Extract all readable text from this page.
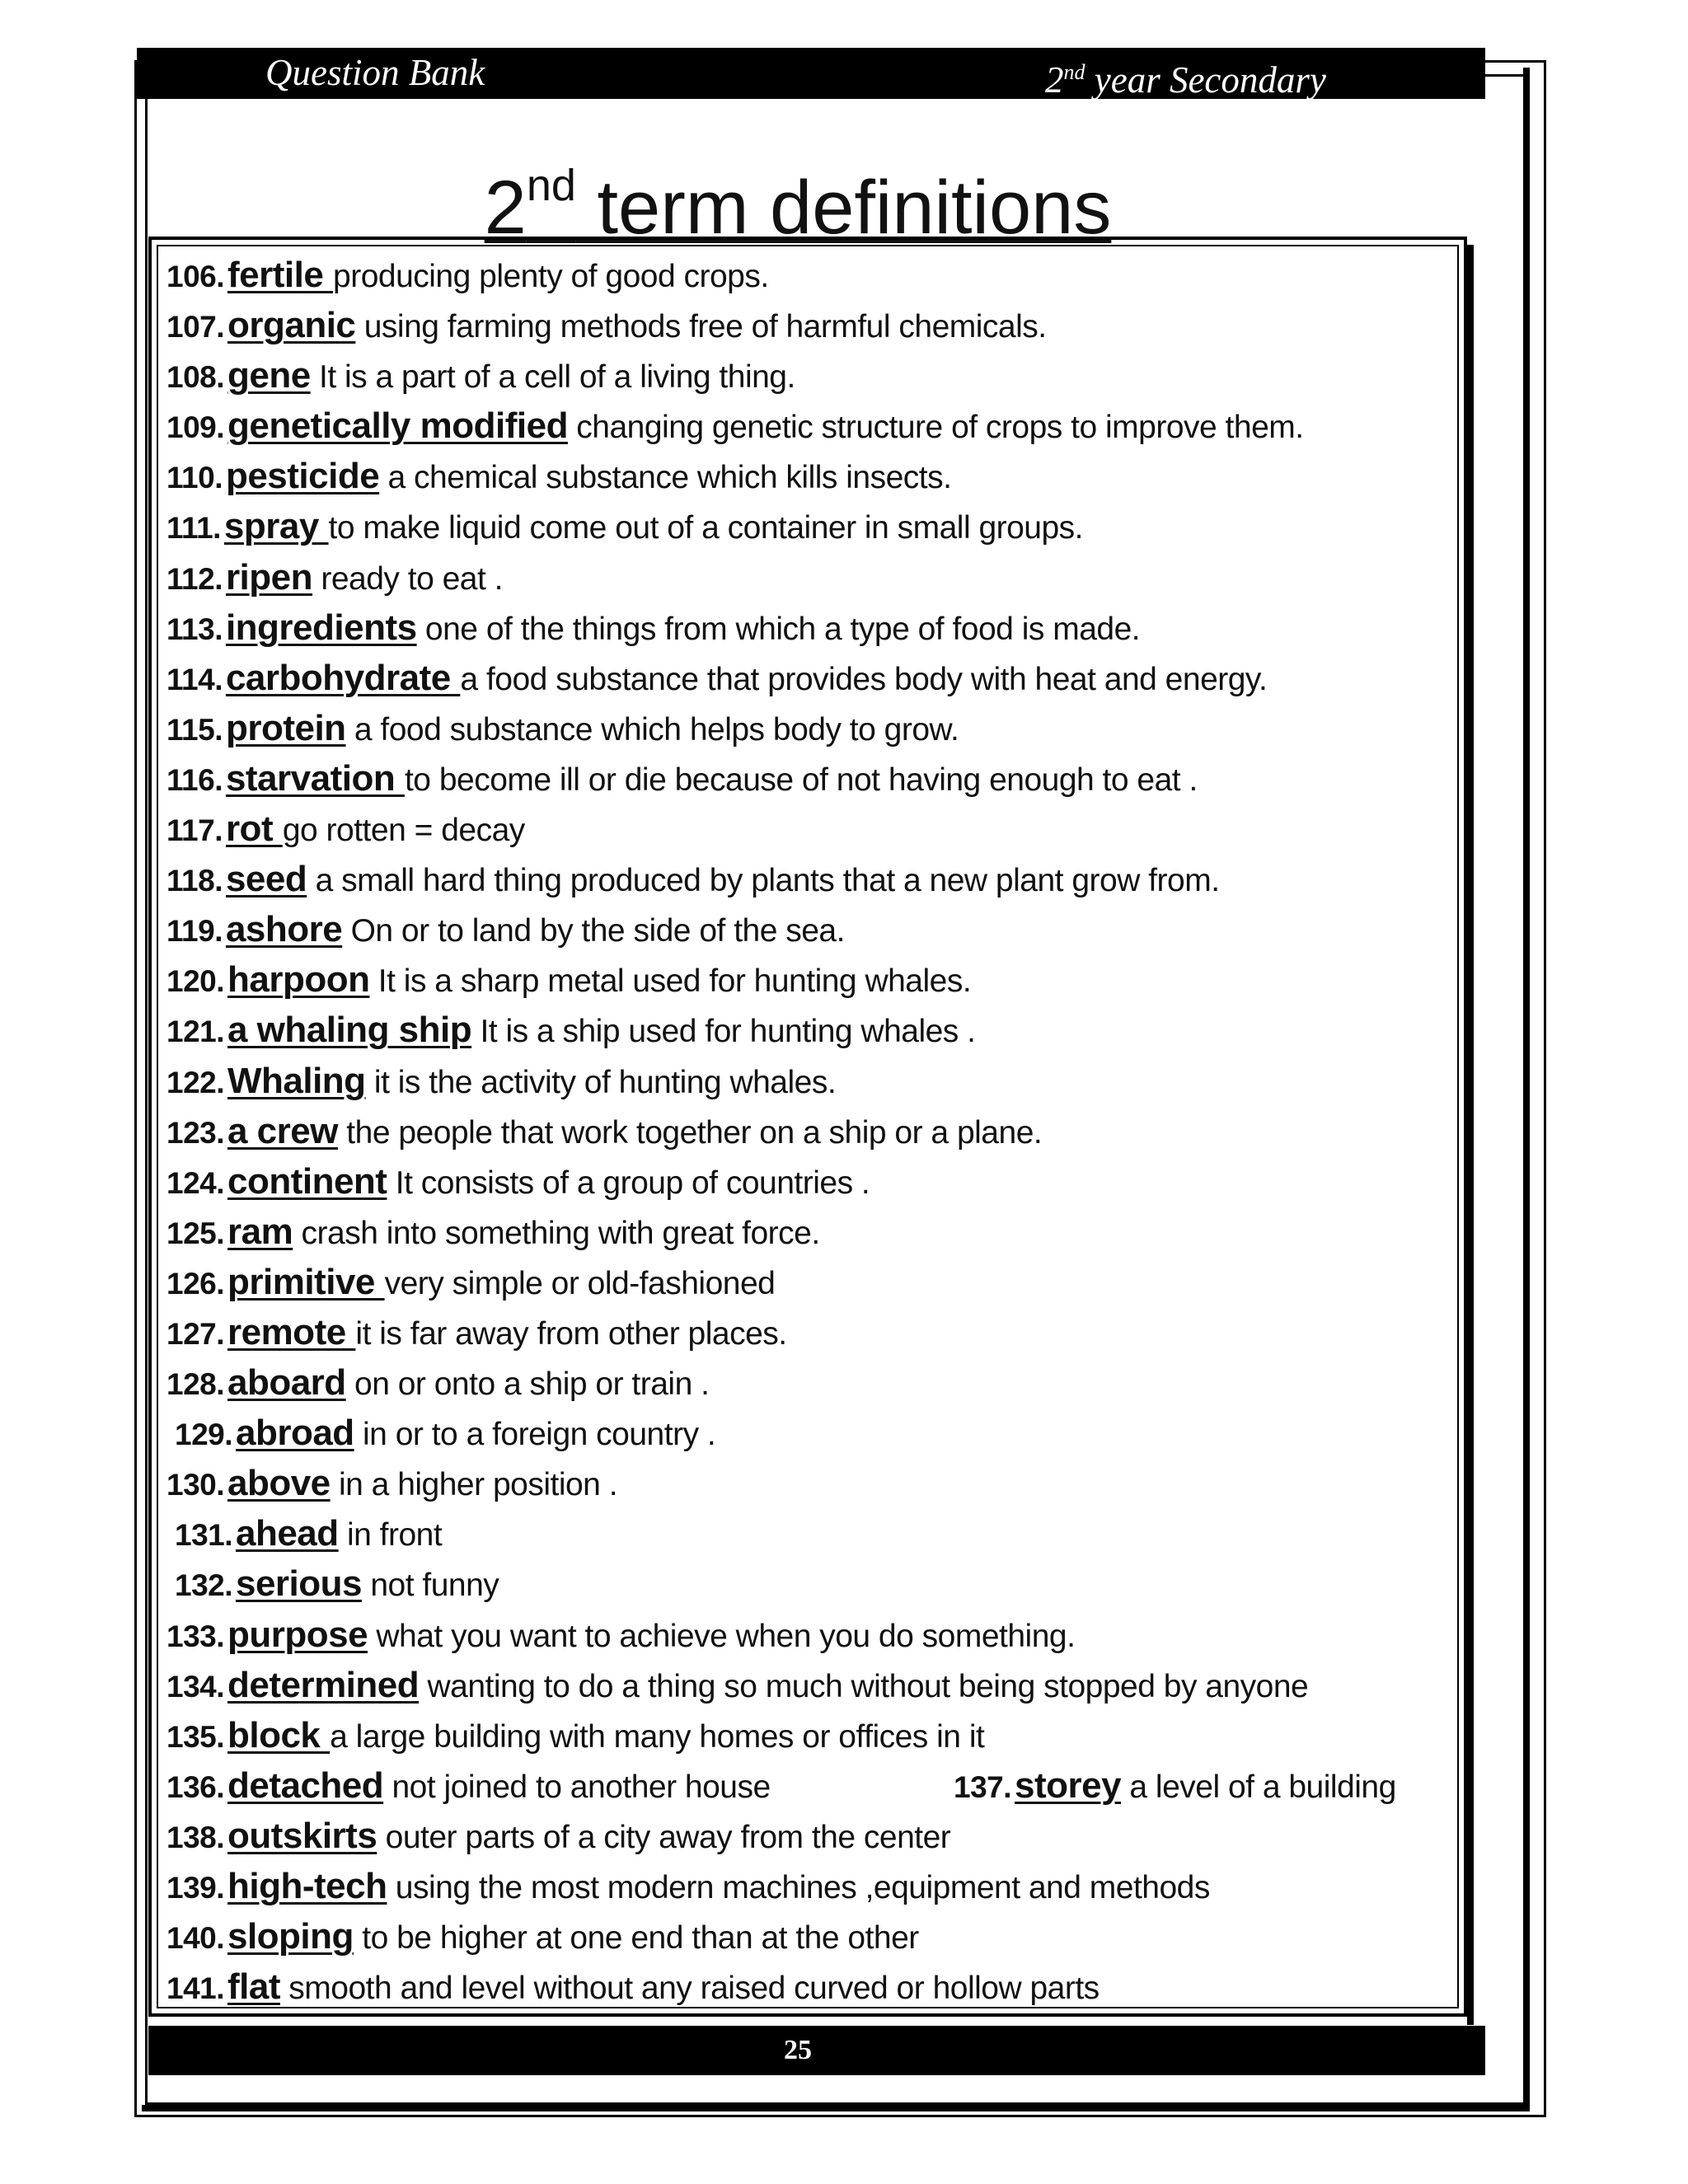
Question Bank	2nd year Secondary
2nd term definitions
106. fertile producing plenty of good crops.
107. organic using farming methods free of harmful chemicals.
108. gene It is a part of a cell of a living thing.
109. genetically modified changing genetic structure of crops to improve them.
110. pesticide a chemical substance which kills insects.
111. spray to make liquid come out of a container in small groups.
112. ripen ready to eat .
113. ingredients one of the things from which a type of food is made.
114. carbohydrate a food substance that provides body with heat and energy.
115. protein a food substance which helps body to grow.
116. starvation to become ill or die because of not having enough to eat .
117. rot go rotten = decay
118. seed a small hard thing produced by plants that a new plant grow from.
119. ashore On or to land by the side of the sea.
120. harpoon It is a sharp metal used for hunting whales.
121. a whaling ship It is a ship used for hunting whales .
122. Whaling it is the activity of hunting whales.
123. a crew the people that work together on a ship or a plane.
124. continent It consists of a group of countries .
125. ram crash into something with great force.
126. primitive very simple or old-fashioned
127. remote it is far away from other places.
128. aboard on or onto a ship or train .
129. abroad in or to a foreign country .
130. above in a higher position .
131. ahead in front
132. serious not funny
133. purpose what you want to achieve when you do something.
134. determined wanting to do a thing so much without being stopped by anyone
135. block a large building with many homes or offices in it
136. detached not joined to another house	137. storey a level of a building
138. outskirts outer parts of a city away from the center
139. high-tech using the most modern machines ,equipment and methods
140. sloping to be higher at one end than at the other
141. flat smooth and level without any raised curved or hollow parts
25
